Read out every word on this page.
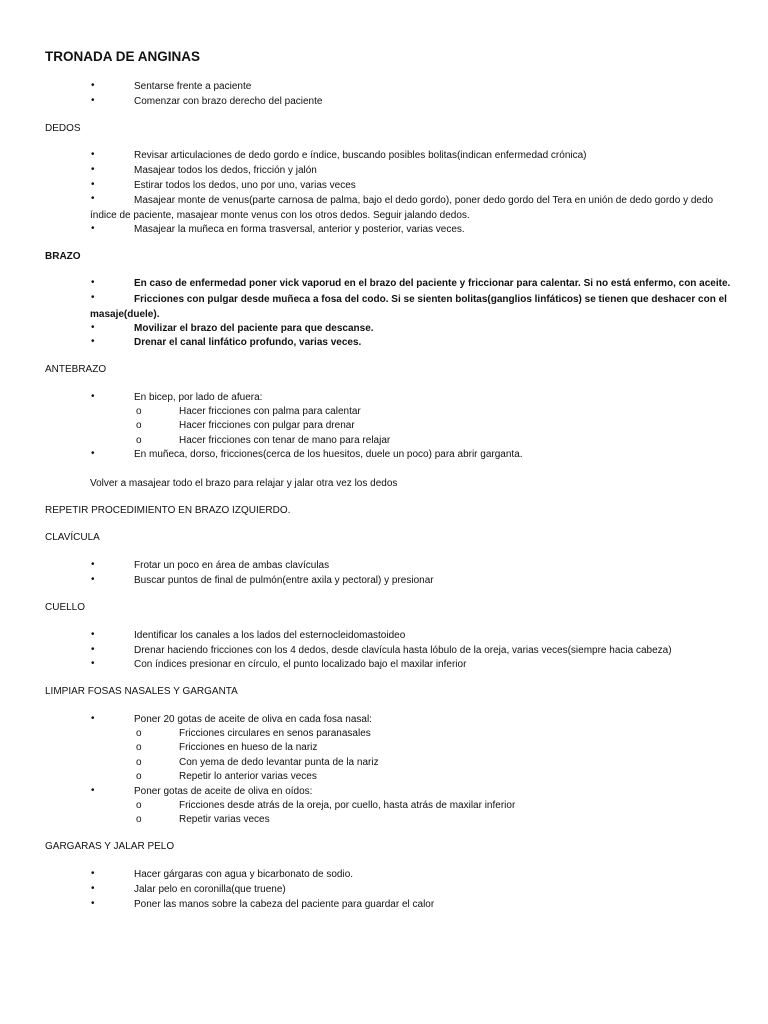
TRONADA DE ANGINAS
•	Sentarse frente a paciente
•	Comenzar con brazo derecho del paciente
DEDOS
•	Revisar articulaciones de dedo gordo e índice, buscando posibles bolitas(indican enfermedad crónica)
•	Masajear todos los dedos, fricción y jalón
•	Estirar todos los dedos, uno por uno, varias veces
•	Masajear monte de venus(parte carnosa de palma, bajo el dedo gordo), poner dedo gordo del Tera en unión de dedo gordo y dedo índice de paciente, masajear monte venus con los otros dedos. Seguir jalando dedos.
•	Masajear la muñeca en forma trasversal, anterior y posterior, varias veces.
BRAZO
•	En caso de enfermedad poner vick vaporud en el brazo del paciente y friccionar para calentar. Si no está enfermo, con aceite.
•	Fricciones con pulgar desde muñeca a fosa del codo. Si se sienten bolitas(ganglios linfáticos) se tienen que deshacer con el masaje(duele).
•	Movilizar el brazo del paciente para que descanse.
•	Drenar el canal linfático profundo, varias veces.
ANTEBRAZO
•	En bicep, por lado de afuera:
o	Hacer fricciones con palma para calentar
o	Hacer fricciones con pulgar para drenar
o	Hacer fricciones con tenar de mano para relajar
•	En muñeca, dorso, fricciones(cerca de los huesitos, duele un poco) para abrir garganta.
Volver a masajear todo el brazo para relajar y jalar otra vez los dedos
REPETIR PROCEDIMIENTO EN BRAZO IZQUIERDO.
CLAVÍCULA
•	Frotar un poco en área de ambas clavículas
•	Buscar puntos de final de pulmón(entre axila y pectoral) y presionar
CUELLO
•	Identificar los canales a los lados del esternocleidomastoideo
•	Drenar haciendo fricciones con los 4 dedos, desde clavícula hasta lóbulo de la oreja, varias veces(siempre hacia cabeza)
•	Con índices presionar en círculo, el punto localizado bajo el maxilar inferior
LIMPIAR FOSAS NASALES Y GARGANTA
•	Poner 20 gotas de aceite de oliva en cada fosa nasal:
o	Fricciones circulares en senos paranasales
o	Fricciones en hueso de la nariz
o	Con yema de dedo levantar punta de la nariz
o	Repetir lo anterior varias veces
•	Poner gotas de aceite de oliva en oídos:
o	Fricciones desde atrás de la oreja, por cuello, hasta atrás de maxilar inferior
o	Repetir varias veces
GARGARAS Y JALAR PELO
•	Hacer gárgaras con agua y bicarbonato de sodio.
•	Jalar pelo en coronilla(que truene)
•	Poner las manos sobre la cabeza del paciente para guardar el calor
